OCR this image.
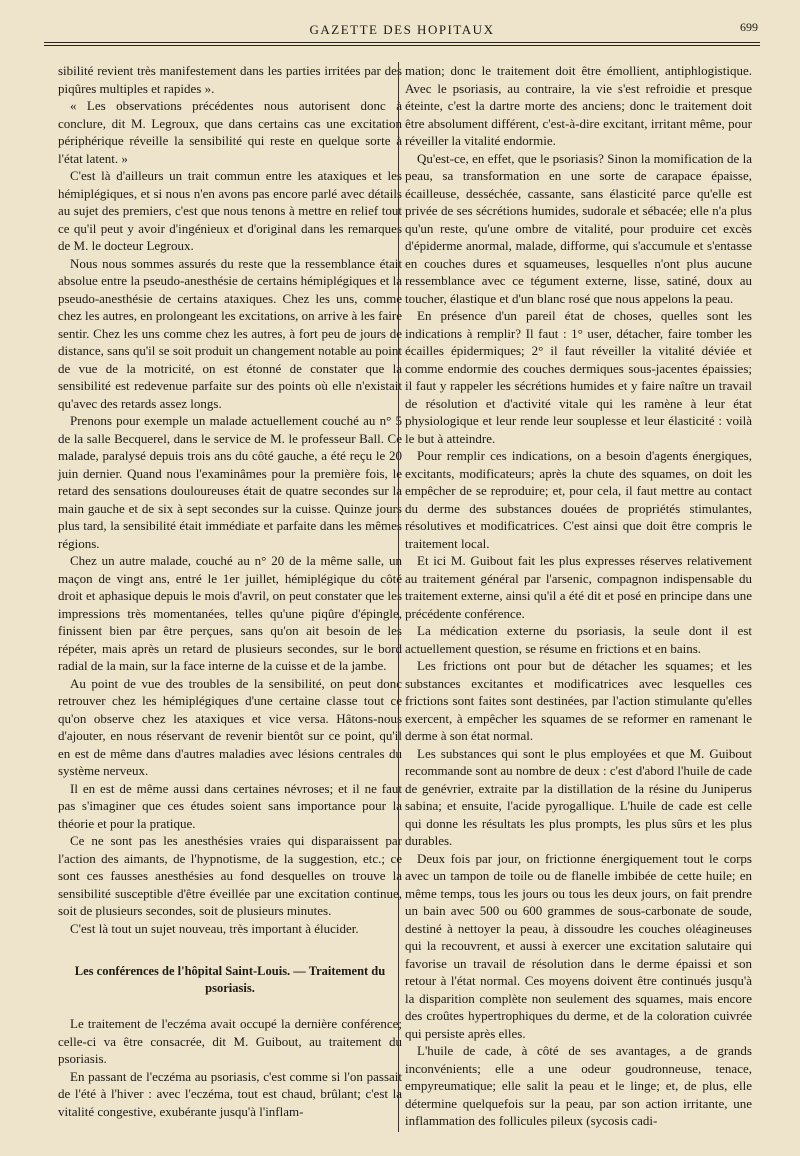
GAZETTE DES HOPITAUX	699

sibilité revient très manifestement dans les parties irritées par des piqûres multiples et rapides ».

« Les observations précédentes nous autorisent donc à conclure, dit M. Legroux, que dans certains cas une excitation périphérique réveille la sensibilité qui reste en quelque sorte à l'état latent. »

C'est là d'ailleurs un trait commun entre les ataxiques et les hémiplégiques, et si nous n'en avons pas encore parlé avec détails au sujet des premiers, c'est que nous tenons à mettre en relief tout ce qu'il peut y avoir d'ingénieux et d'original dans les remarques de M. le docteur Legroux.

Nous nous sommes assurés du reste que la ressemblance était absolue entre la pseudo-anesthésie de certains hémiplégiques et la pseudo-anesthésie de certains ataxiques. Chez les uns, comme chez les autres, en prolongeant les excitations, on arrive à les faire sentir. Chez les uns comme chez les autres, à fort peu de jours de distance, sans qu'il se soit produit un changement notable au point de vue de la motricité, on est étonné de constater que la sensibilité est redevenue parfaite sur des points où elle n'existait qu'avec des retards assez longs.

Prenons pour exemple un malade actuellement couché au n° 5 de la salle Becquerel, dans le service de M. le professeur Ball. Ce malade, paralysé depuis trois ans du côté gauche, a été reçu le 20 juin dernier. Quand nous l'examinâmes pour la première fois, le retard des sensations douloureuses était de quatre secondes sur la main gauche et de six à sept secondes sur la cuisse. Quinze jours plus tard, la sensibilité était immédiate et parfaite dans les mêmes régions.

Chez un autre malade, couché au n° 20 de la même salle, un maçon de vingt ans, entré le 1er juillet, hémiplégique du côté droit et aphasique depuis le mois d'avril, on peut constater que les impressions très momentanées, telles qu'une piqûre d'épingle, finissent bien par être perçues, sans qu'on ait besoin de les répéter, mais après un retard de plusieurs secondes, sur le bord radial de la main, sur la face interne de la cuisse et de la jambe.

Au point de vue des troubles de la sensibilité, on peut donc retrouver chez les hémiplégiques d'une certaine classe tout ce qu'on observe chez les ataxiques et vice versa. Hâtons-nous d'ajouter, en nous réservant de revenir bientôt sur ce point, qu'il en est de même dans d'autres maladies avec lésions centrales du système nerveux.

Il en est de même aussi dans certaines névroses; et il ne faut pas s'imaginer que ces études soient sans importance pour la théorie et pour la pratique.

Ce ne sont pas les anesthésies vraies qui disparaissent par l'action des aimants, de l'hypnotisme, de la suggestion, etc.; ce sont ces fausses anesthésies au fond desquelles on trouve la sensibilité susceptible d'être éveillée par une excitation continue, soit de plusieurs secondes, soit de plusieurs minutes.

C'est là tout un sujet nouveau, très important à élucider.

Les conférences de l'hôpital Saint-Louis. — Traitement du psoriasis.

Le traitement de l'eczéma avait occupé la dernière conférence; celle-ci va être consacrée, dit M. Guibout, au traitement du psoriasis.

En passant de l'eczéma au psoriasis, c'est comme si l'on passait de l'été à l'hiver : avec l'eczéma, tout est chaud, brûlant; c'est la vitalité congestive, exubérante jusqu'à l'inflam-

mation; donc le traitement doit être émollient, antiphlogistique. Avec le psoriasis, au contraire, la vie s'est refroidie et presque éteinte, c'est la dartre morte des anciens; donc le traitement doit être absolument différent, c'est-à-dire excitant, irritant même, pour réveiller la vitalité endormie.

Qu'est-ce, en effet, que le psoriasis? Sinon la momification de la peau, sa transformation en une sorte de carapace épaisse, écailleuse, desséchée, cassante, sans élasticité parce qu'elle est privée de ses sécrétions humides, sudorale et sébacée; elle n'a plus qu'un reste, qu'une ombre de vitalité, pour produire cet excès d'épiderme anormal, malade, difforme, qui s'accumule et s'entasse en couches dures et squameuses, lesquelles n'ont plus aucune ressemblance avec ce tégument externe, lisse, satiné, doux au toucher, élastique et d'un blanc rosé que nous appelons la peau.

En présence d'un pareil état de choses, quelles sont les indications à remplir? Il faut : 1° user, détacher, faire tomber les écailles épidermiques; 2° il faut réveiller la vitalité déviée et comme endormie des couches dermiques sous-jacentes épaissies; il faut y rappeler les sécrétions humides et y faire naître un travail de résolution et d'activité vitale qui les ramène à leur état physiologique et leur rende leur souplesse et leur élasticité : voilà le but à atteindre.

Pour remplir ces indications, on a besoin d'agents énergiques, excitants, modificateurs; après la chute des squames, on doit les empêcher de se reproduire; et, pour cela, il faut mettre au contact du derme des substances douées de propriétés stimulantes, résolutives et modificatrices. C'est ainsi que doit être compris le traitement local.

Et ici M. Guibout fait les plus expresses réserves relativement au traitement général par l'arsenic, compagnon indispensable du traitement externe, ainsi qu'il a été dit et posé en principe dans une précédente conférence.

La médication externe du psoriasis, la seule dont il est actuellement question, se résume en frictions et en bains.

Les frictions ont pour but de détacher les squames; et les substances excitantes et modificatrices avec lesquelles ces frictions sont faites sont destinées, par l'action stimulante qu'elles exercent, à empêcher les squames de se reformer en ramenant le derme à son état normal.

Les substances qui sont le plus employées et que M. Guibout recommande sont au nombre de deux : c'est d'abord l'huile de cade de genévrier, extraite par la distillation de la résine du Juniperus sabina; et ensuite, l'acide pyrogallique. L'huile de cade est celle qui donne les résultats les plus prompts, les plus sûrs et les plus durables.

Deux fois par jour, on frictionne énergiquement tout le corps avec un tampon de toile ou de flanelle imbibée de cette huile; en même temps, tous les jours ou tous les deux jours, on fait prendre un bain avec 500 ou 600 grammes de sous-carbonate de soude, destiné à nettoyer la peau, à dissoudre les couches oléagineuses qui la recouvrent, et aussi à exercer une excitation salutaire qui favorise un travail de résolution dans le derme épaissi et son retour à l'état normal. Ces moyens doivent être continués jusqu'à la disparition complète non seulement des squames, mais encore des croûtes hypertrophiques du derme, et de la coloration cuivrée qui persiste après elles.

L'huile de cade, à côté de ses avantages, a de grands inconvénients; elle a une odeur goudronneuse, tenace, empyreumatique; elle salit la peau et le linge; et, de plus, elle détermine quelquefois sur la peau, par son action irritante, une inflammation des follicules pileux (sycosis cadi-
